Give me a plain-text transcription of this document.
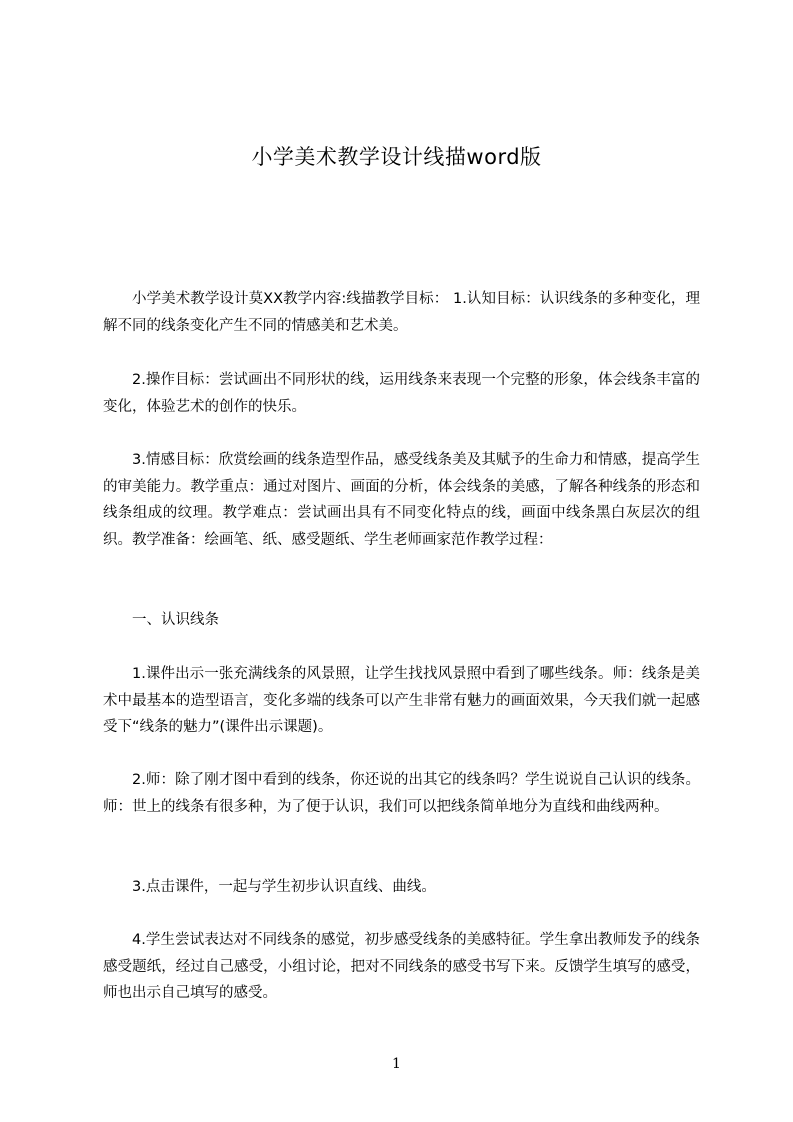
小学美术教学设计线描word版

小学美术教学设计莫XX教学内容:线描教学目标： 1.认知目标：认识线条的多种变化，理解不同的线条变化产生不同的情感美和艺术美。

2.操作目标：尝试画出不同形状的线，运用线条来表现一个完整的形象，体会线条丰富的变化，体验艺术的创作的快乐。

3.情感目标：欣赏绘画的线条造型作品，感受线条美及其赋予的生命力和情感，提高学生的审美能力。教学重点：通过对图片、画面的分析，体会线条的美感，了解各种线条的形态和线条组成的纹理。教学难点：尝试画出具有不同变化特点的线，画面中线条黑白灰层次的组织。教学准备：绘画笔、纸、感受题纸、学生老师画家范作教学过程：

一、认识线条

1.课件出示一张充满线条的风景照，让学生找找风景照中看到了哪些线条。师：线条是美术中最基本的造型语言，变化多端的线条可以产生非常有魅力的画面效果，今天我们就一起感受下“线条的魅力”(课件出示课题)。

2.师：除了刚才图中看到的线条，你还说的出其它的线条吗？学生说说自己认识的线条。师：世上的线条有很多种，为了便于认识，我们可以把线条简单地分为直线和曲线两种。

3.点击课件，一起与学生初步认识直线、曲线。

4.学生尝试表达对不同线条的感觉，初步感受线条的美感特征。学生拿出教师发予的线条感受题纸，经过自己感受，小组讨论，把对不同线条的感受书写下来。反馈学生填写的感受，师也出示自己填写的感受。

1
